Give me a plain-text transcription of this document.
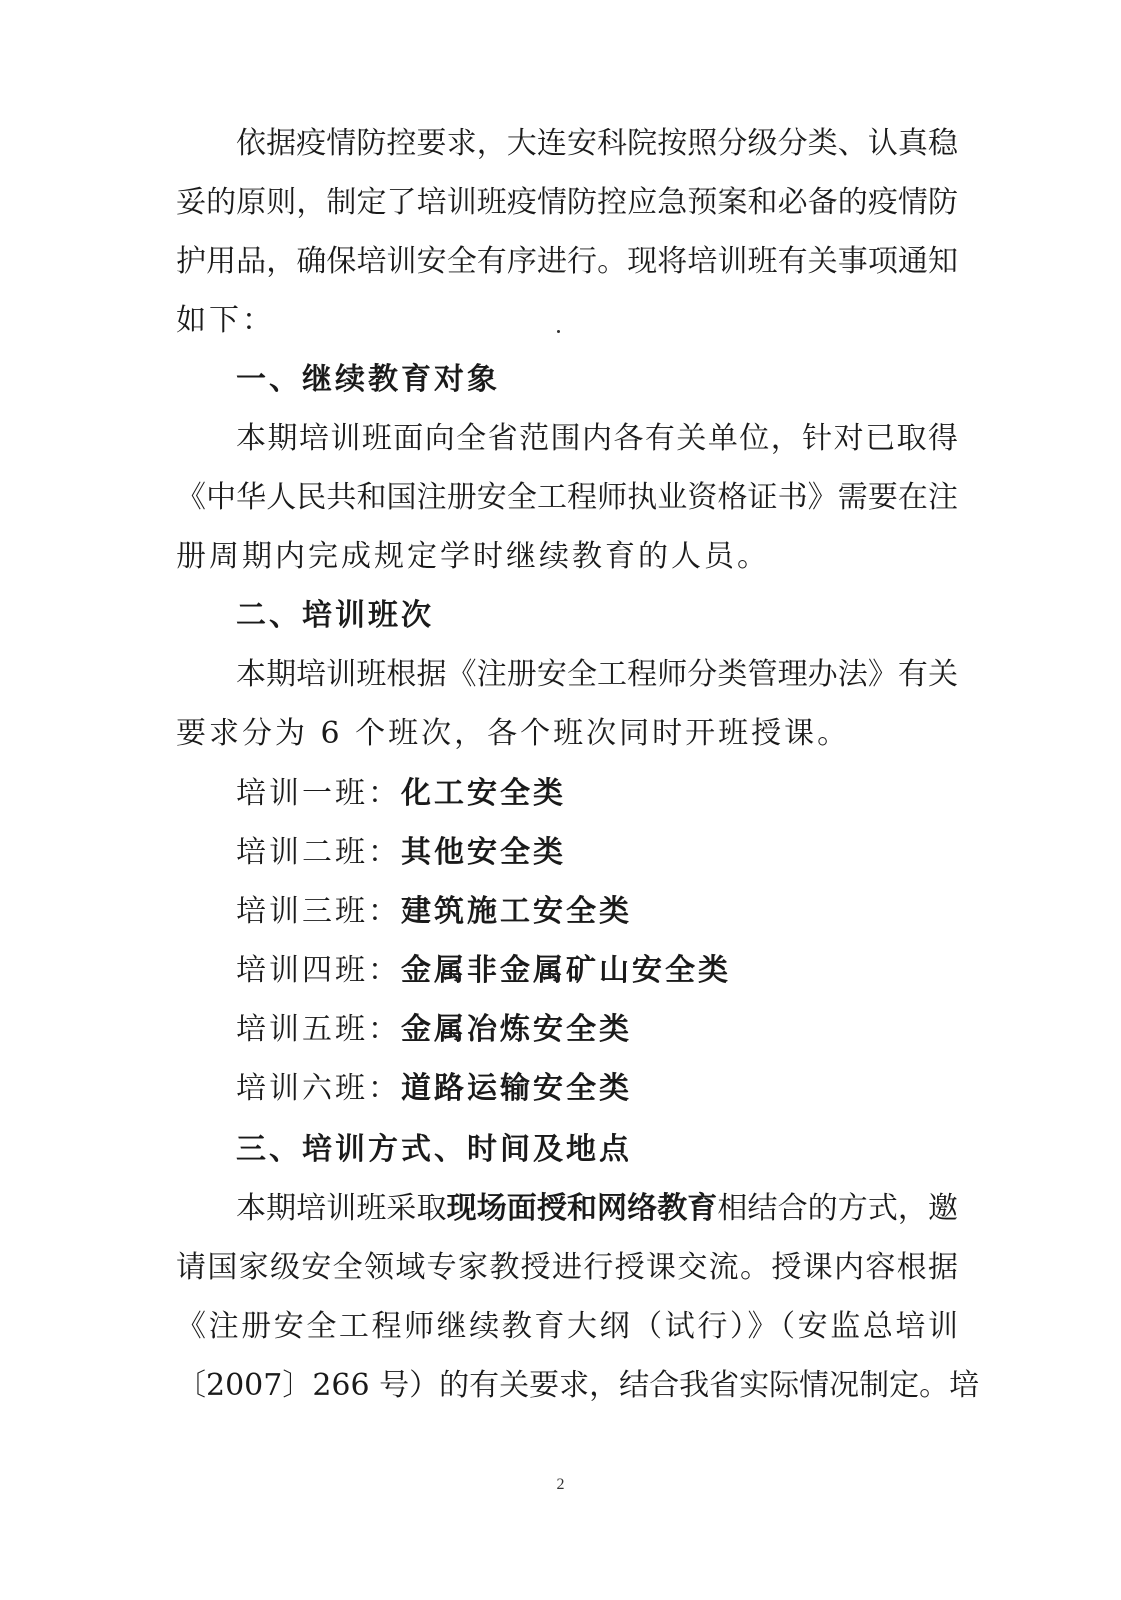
依据疫情防控要求，大连安科院按照分级分类、认真稳
妥的原则，制定了培训班疫情防控应急预案和必备的疫情防
护用品，确保培训安全有序进行。现将培训班有关事项通知
如下：
一、继续教育对象
本期培训班面向全省范围内各有关单位，针对已取得
《中华人民共和国注册安全工程师执业资格证书》需要在注
册周期内完成规定学时继续教育的人员。
二、培训班次
本期培训班根据《注册安全工程师分类管理办法》有关
要求分为 6 个班次，各个班次同时开班授课。
培训一班：化工安全类
培训二班：其他安全类
培训三班：建筑施工安全类
培训四班：金属非金属矿山安全类
培训五班：金属冶炼安全类
培训六班：道路运输安全类
三、培训方式、时间及地点
本期培训班采取现场面授和网络教育相结合的方式，邀
请国家级安全领域专家教授进行授课交流。授课内容根据
《注册安全工程师继续教育大纲（试行）》（安监总培训
〔2007〕266 号）的有关要求，结合我省实际情况制定。培
2
